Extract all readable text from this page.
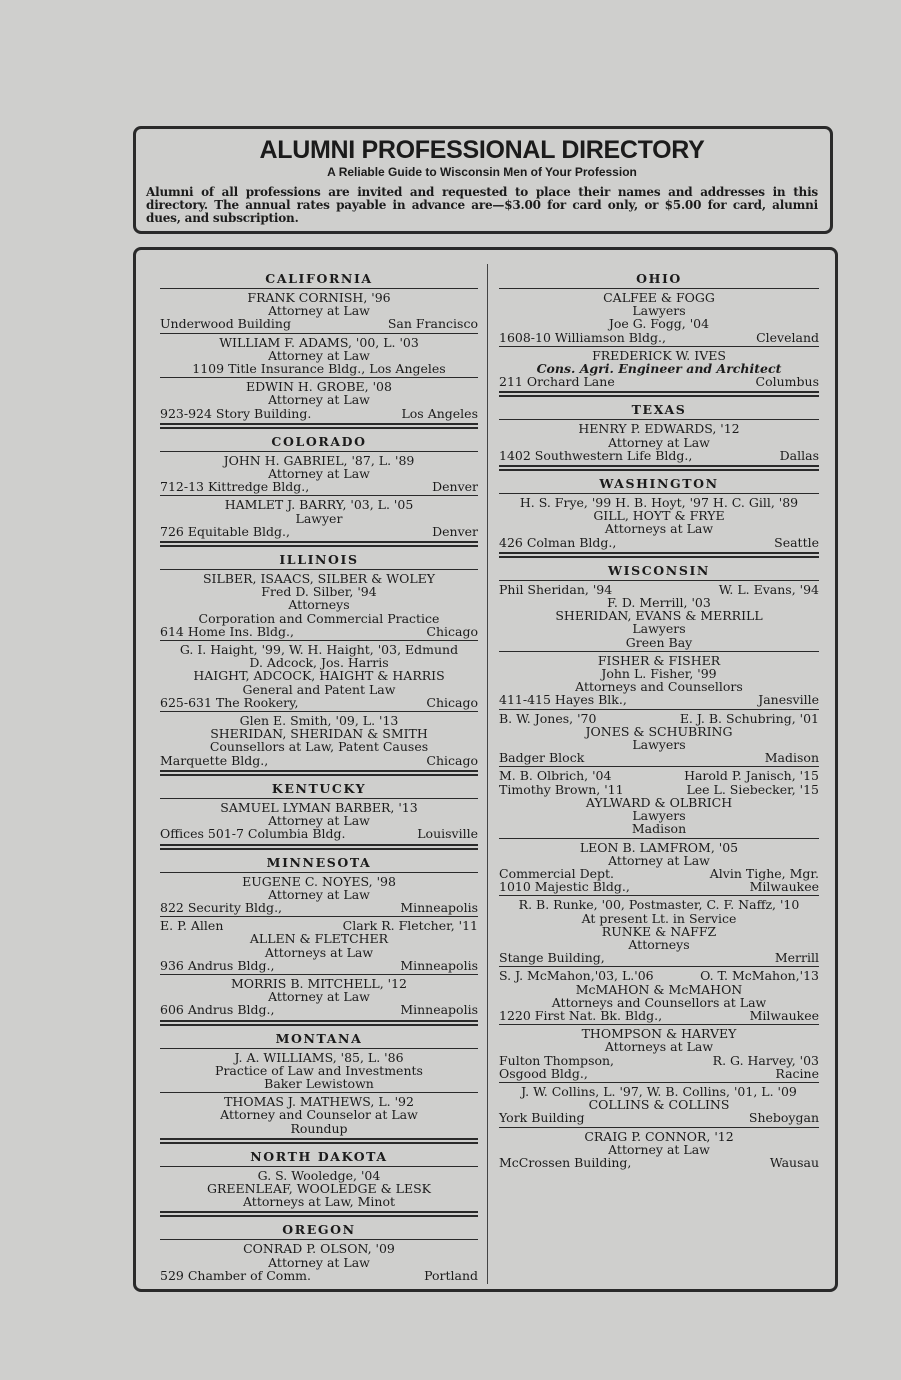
ALUMNI PROFESSIONAL DIRECTORY
A Reliable Guide to Wisconsin Men of Your Profession
Alumni of all professions are invited and requested to place their names and addresses in this directory. The annual rates payable in advance are—$3.00 for card only, or $5.00 for card, alumni dues, and subscription.
CALIFORNIA
FRANK CORNISH, '96
Attorney at Law
Underwood Building	San Francisco
WILLIAM F. ADAMS, '00, L. '03
Attorney at Law
1109 Title Insurance Bldg., Los Angeles
EDWIN H. GROBE, '08
Attorney at Law
923-924 Story Building.	Los Angeles
COLORADO
JOHN H. GABRIEL, '87, L. '89
Attorney at Law
712-13 Kittredge Bldg.,	Denver
HAMLET J. BARRY, '03, L. '05
Lawyer
726 Equitable Bldg.,	Denver
ILLINOIS
SILBER, ISAACS, SILBER & WOLEY
Fred D. Silber, '94
Attorneys
Corporation and Commercial Practice
614 Home Ins. Bldg.,	Chicago
G. I. Haight, '99, W. H. Haight, '03, Edmund
D. Adcock, Jos. Harris
HAIGHT, ADCOCK, HAIGHT & HARRIS
General and Patent Law
625-631 The Rookery,	Chicago
Glen E. Smith, '09, L. '13
SHERIDAN, SHERIDAN & SMITH
Counsellors at Law, Patent Causes
Marquette Bldg.,	Chicago
KENTUCKY
SAMUEL LYMAN BARBER, '13
Attorney at Law
Offices 501-7 Columbia Bldg.	Louisville
MINNESOTA
EUGENE C. NOYES, '98
Attorney at Law
822 Security Bldg.,	Minneapolis
E. P. Allen	Clark R. Fletcher, '11
ALLEN & FLETCHER
Attorneys at Law
936 Andrus Bldg.,	Minneapolis
MORRIS B. MITCHELL, '12
Attorney at Law
606 Andrus Bldg.,	Minneapolis
MONTANA
J. A. WILLIAMS, '85, L. '86
Practice of Law and Investments
Baker Lewistown
THOMAS J. MATHEWS, L. '92
Attorney and Counselor at Law
Roundup
NORTH DAKOTA
G. S. Wooledge, '04
GREENLEAF, WOOLEDGE & LESK
Attorneys at Law, Minot
OREGON
CONRAD P. OLSON, '09
Attorney at Law
529 Chamber of Comm.	Portland
OHIO
CALFEE & FOGG
Lawyers
Joe G. Fogg, '04
1608-10 Williamson Bldg.,	Cleveland
FREDERICK W. IVES
Cons. Agri. Engineer and Architect
211 Orchard Lane	Columbus
TEXAS
HENRY P. EDWARDS, '12
Attorney at Law
1402 Southwestern Life Bldg.,	Dallas
WASHINGTON
H. S. Frye, '99 H. B. Hoyt, '97 H. C. Gill, '89
GILL, HOYT & FRYE
Attorneys at Law
426 Colman Bldg.,	Seattle
WISCONSIN
Phil Sheridan, '94	W. L. Evans, '94
F. D. Merrill, '03
SHERIDAN, EVANS & MERRILL
Lawyers
Green Bay
FISHER & FISHER
John L. Fisher, '99
Attorneys and Counsellors
411-415 Hayes Blk.,	Janesville
B. W. Jones, '70	E. J. B. Schubring, '01
JONES & SCHUBRING
Lawyers
Badger Block	Madison
M. B. Olbrich, '04	Harold P. Janisch, '15
Timothy Brown, '11	Lee L. Siebecker, '15
AYLWARD & OLBRICH
Lawyers
Madison
LEON B. LAMFROM, '05
Attorney at Law
Commercial Dept.	Alvin Tighe, Mgr.
1010 Majestic Bldg.,	Milwaukee
R. B. Runke, '00, Postmaster, C. F. Naffz, '10
At present Lt. in Service
RUNKE & NAFFZ
Attorneys
Stange Building,	Merrill
S. J. McMahon,'03, L.'06	O. T. McMahon,'13
McMAHON & McMAHON
Attorneys and Counsellors at Law
1220 First Nat. Bk. Bldg.,	Milwaukee
THOMPSON & HARVEY
Attorneys at Law
Fulton Thompson,	R. G. Harvey, '03
Osgood Bldg.,	Racine
J. W. Collins, L. '97, W. B. Collins, '01, L. '09
COLLINS & COLLINS
York Building	Sheboygan
CRAIG P. CONNOR, '12
Attorney at Law
McCrossen Building,	Wausau
